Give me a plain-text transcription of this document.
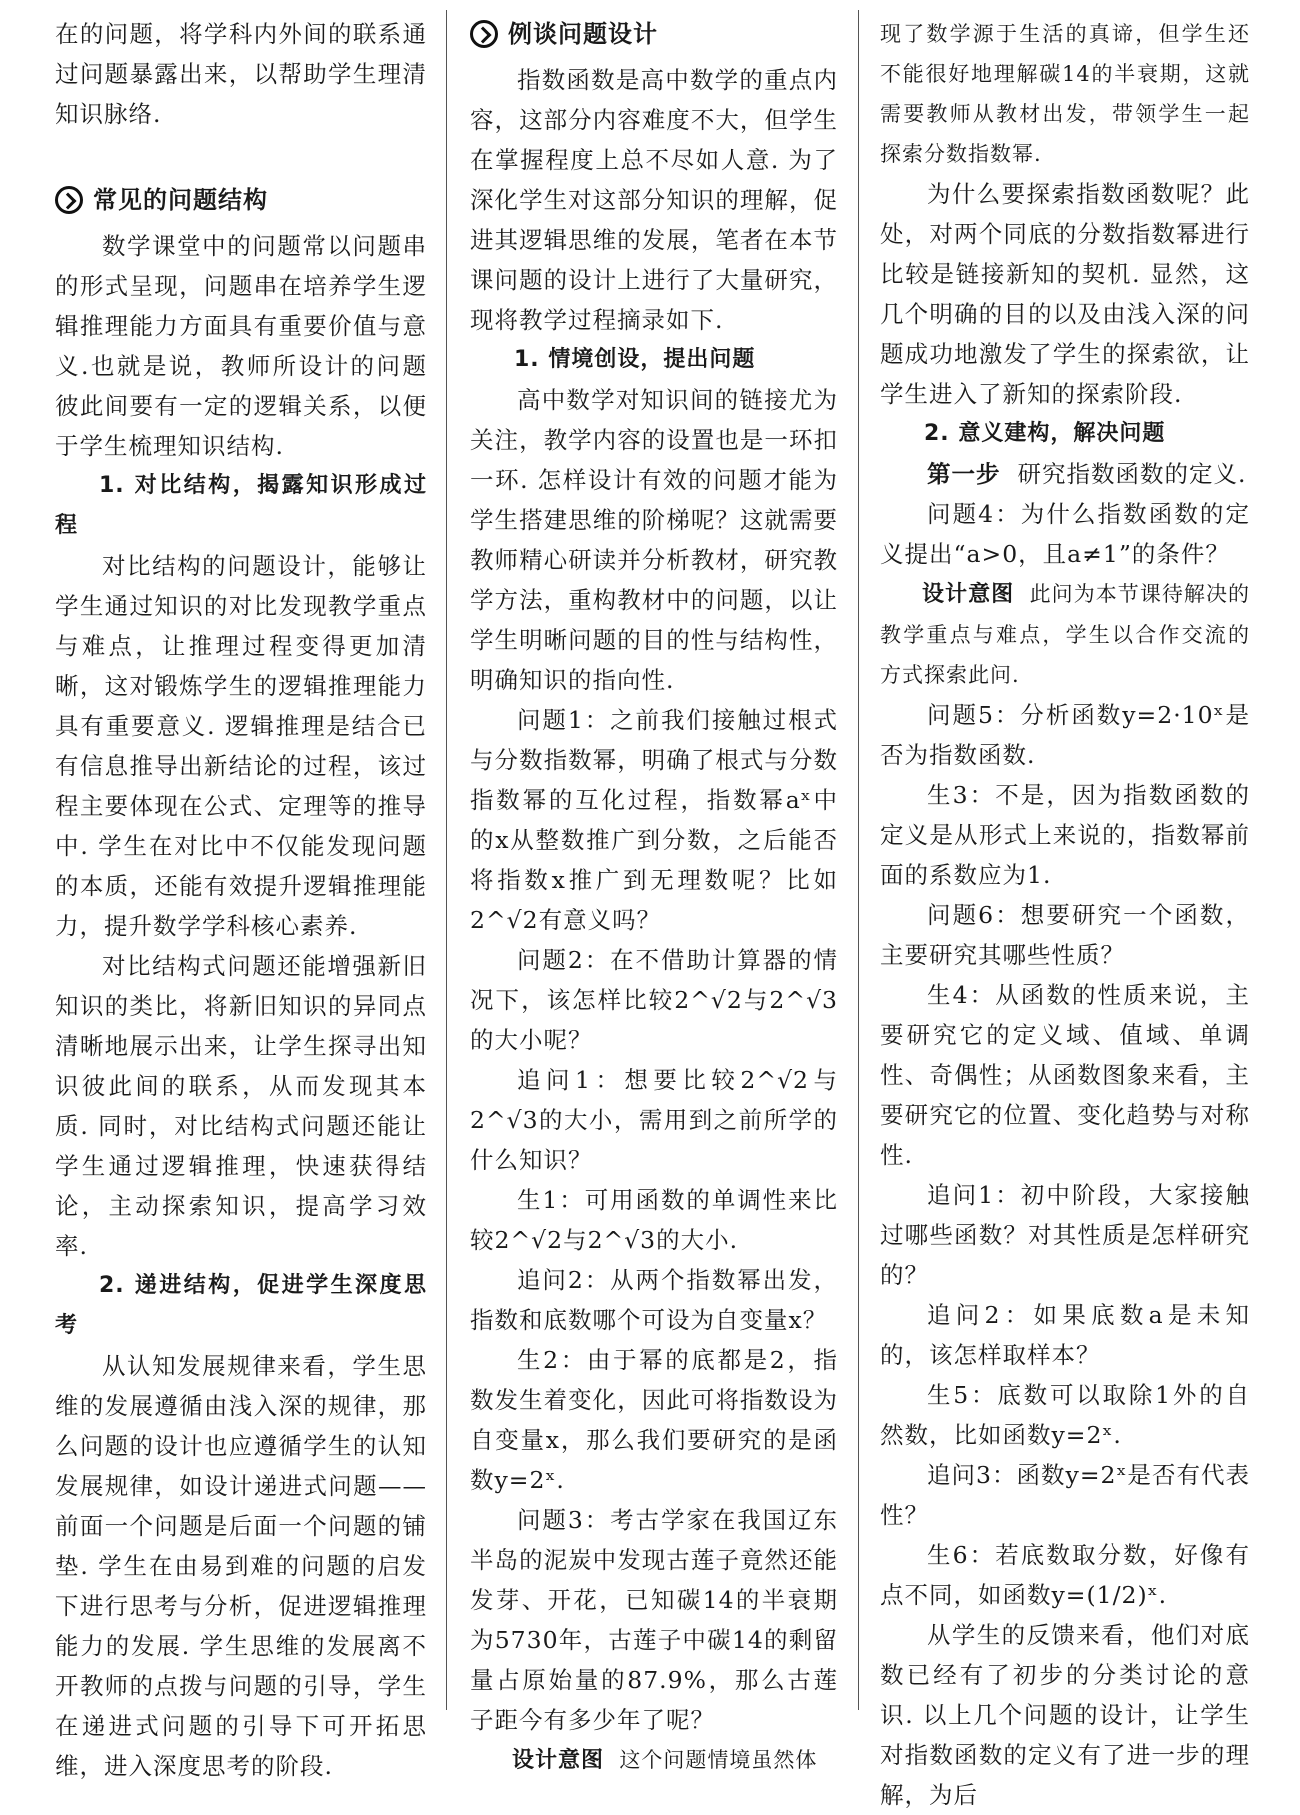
在的问题，将学科内外间的联系通过问题暴露出来，以帮助学生理清知识脉络.

常见的问题结构

数学课堂中的问题常以问题串的形式呈现，问题串在培养学生逻辑推理能力方面具有重要价值与意义.也就是说，教师所设计的问题彼此间要有一定的逻辑关系，以便于学生梳理知识结构.

1. 对比结构，揭露知识形成过程

对比结构的问题设计，能够让学生通过知识的对比发现教学重点与难点，让推理过程变得更加清晰，这对锻炼学生的逻辑推理能力具有重要意义. 逻辑推理是结合已有信息推导出新结论的过程，该过程主要体现在公式、定理等的推导中. 学生在对比中不仅能发现问题的本质，还能有效提升逻辑推理能力，提升数学学科核心素养.

对比结构式问题还能增强新旧知识的类比，将新旧知识的异同点清晰地展示出来，让学生探寻出知识彼此间的联系，从而发现其本质. 同时，对比结构式问题还能让学生通过逻辑推理，快速获得结论，主动探索知识，提高学习效率.

2. 递进结构，促进学生深度思考

从认知发展规律来看，学生思维的发展遵循由浅入深的规律，那么问题的设计也应遵循学生的认知发展规律，如设计递进式问题——前面一个问题是后面一个问题的铺垫. 学生在由易到难的问题的启发下进行思考与分析，促进逻辑推理能力的发展. 学生思维的发展离不开教师的点拨与问题的引导，学生在递进式问题的引导下可开拓思维，进入深度思考的阶段.

例谈问题设计

指数函数是高中数学的重点内容，这部分内容难度不大，但学生在掌握程度上总不尽如人意. 为了深化学生对这部分知识的理解，促进其逻辑思维的发展，笔者在本节课问题的设计上进行了大量研究，现将教学过程摘录如下.

1. 情境创设，提出问题

高中数学对知识间的链接尤为关注，教学内容的设置也是一环扣一环. 怎样设计有效的问题才能为学生搭建思维的阶梯呢？这就需要教师精心研读并分析教材，研究教学方法，重构教材中的问题，以让学生明晰问题的目的性与结构性，明确知识的指向性.

问题1：之前我们接触过根式与分数指数幂，明确了根式与分数指数幂的互化过程，指数幂aˣ中的x从整数推广到分数，之后能否将指数x推广到无理数呢？比如2^√2有意义吗？

问题2：在不借助计算器的情况下，该怎样比较2^√2与2^√3的大小呢？

追问1：想要比较2^√2与2^√3的大小，需用到之前所学的什么知识？

生1：可用函数的单调性来比较2^√2与2^√3的大小.

追问2：从两个指数幂出发，指数和底数哪个可设为自变量x？

生2：由于幂的底都是2，指数发生着变化，因此可将指数设为自变量x，那么我们要研究的是函数y=2ˣ.

问题3：考古学家在我国辽东半岛的泥炭中发现古莲子竟然还能发芽、开花，已知碳14的半衰期为5730年，古莲子中碳14的剩留量占原始量的87.9%，那么古莲子距今有多少年了呢？

设计意图 这个问题情境虽然体

现了数学源于生活的真谛，但学生还不能很好地理解碳14的半衰期，这就需要教师从教材出发，带领学生一起探索分数指数幂.

为什么要探索指数函数呢？此处，对两个同底的分数指数幂进行比较是链接新知的契机. 显然，这几个明确的目的以及由浅入深的问题成功地激发了学生的探索欲，让学生进入了新知的探索阶段.

2. 意义建构，解决问题

第一步 研究指数函数的定义.

问题4：为什么指数函数的定义提出“a>0，且a≠1”的条件？

设计意图 此问为本节课待解决的教学重点与难点，学生以合作交流的方式探索此问.

问题5：分析函数y=2·10ˣ是否为指数函数.

生3：不是，因为指数函数的定义是从形式上来说的，指数幂前面的系数应为1.

问题6：想要研究一个函数，主要研究其哪些性质？

生4：从函数的性质来说，主要研究它的定义域、值域、单调性、奇偶性；从函数图象来看，主要研究它的位置、变化趋势与对称性.

追问1：初中阶段，大家接触过哪些函数？对其性质是怎样研究的？

追问2：如果底数a是未知的，该怎样取样本？

生5：底数可以取除1外的自然数，比如函数y=2ˣ.

追问3：函数y=2ˣ是否有代表性？

生6：若底数取分数，好像有点不同，如函数y=(1/2)ˣ.

从学生的反馈来看，他们对底数已经有了初步的分类讨论的意识. 以上几个问题的设计，让学生对指数函数的定义有了进一步的理解，为后
